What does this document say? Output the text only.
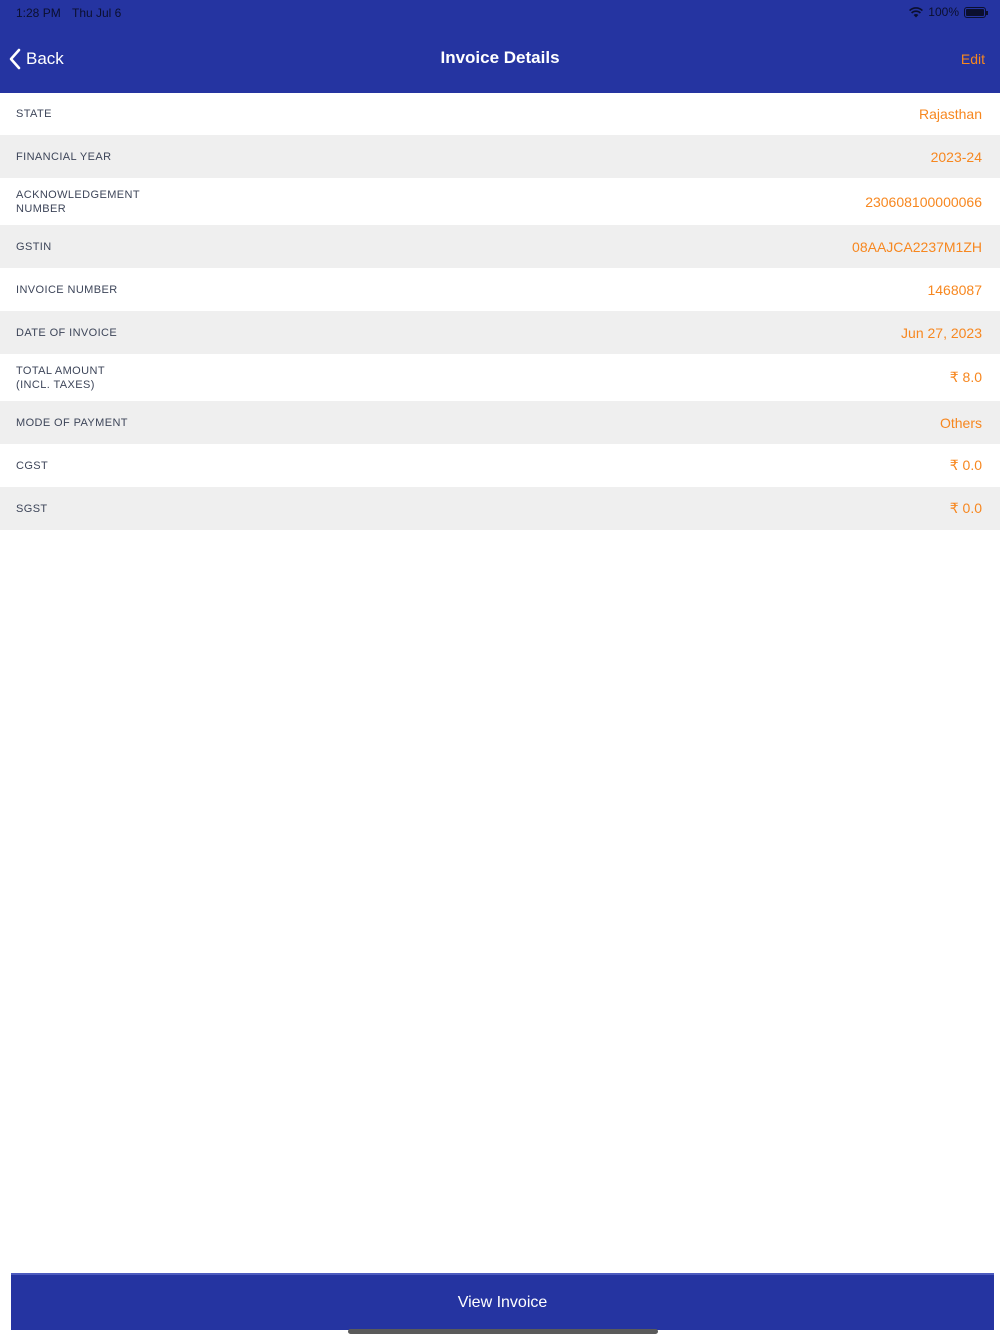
1:28 PM Thu Jul 6	100%
Back	Invoice Details	Edit
STATE	Rajasthan
FINANCIAL YEAR	2023-24
ACKNOWLEDGEMENT NUMBER	230608100000066
GSTIN	08AAJCA2237M1ZH
INVOICE NUMBER	1468087
DATE OF INVOICE	Jun 27, 2023
TOTAL AMOUNT (INCL. TAXES)	₹ 8.0
MODE OF PAYMENT	Others
CGST	₹ 0.0
SGST	₹ 0.0
View Invoice
